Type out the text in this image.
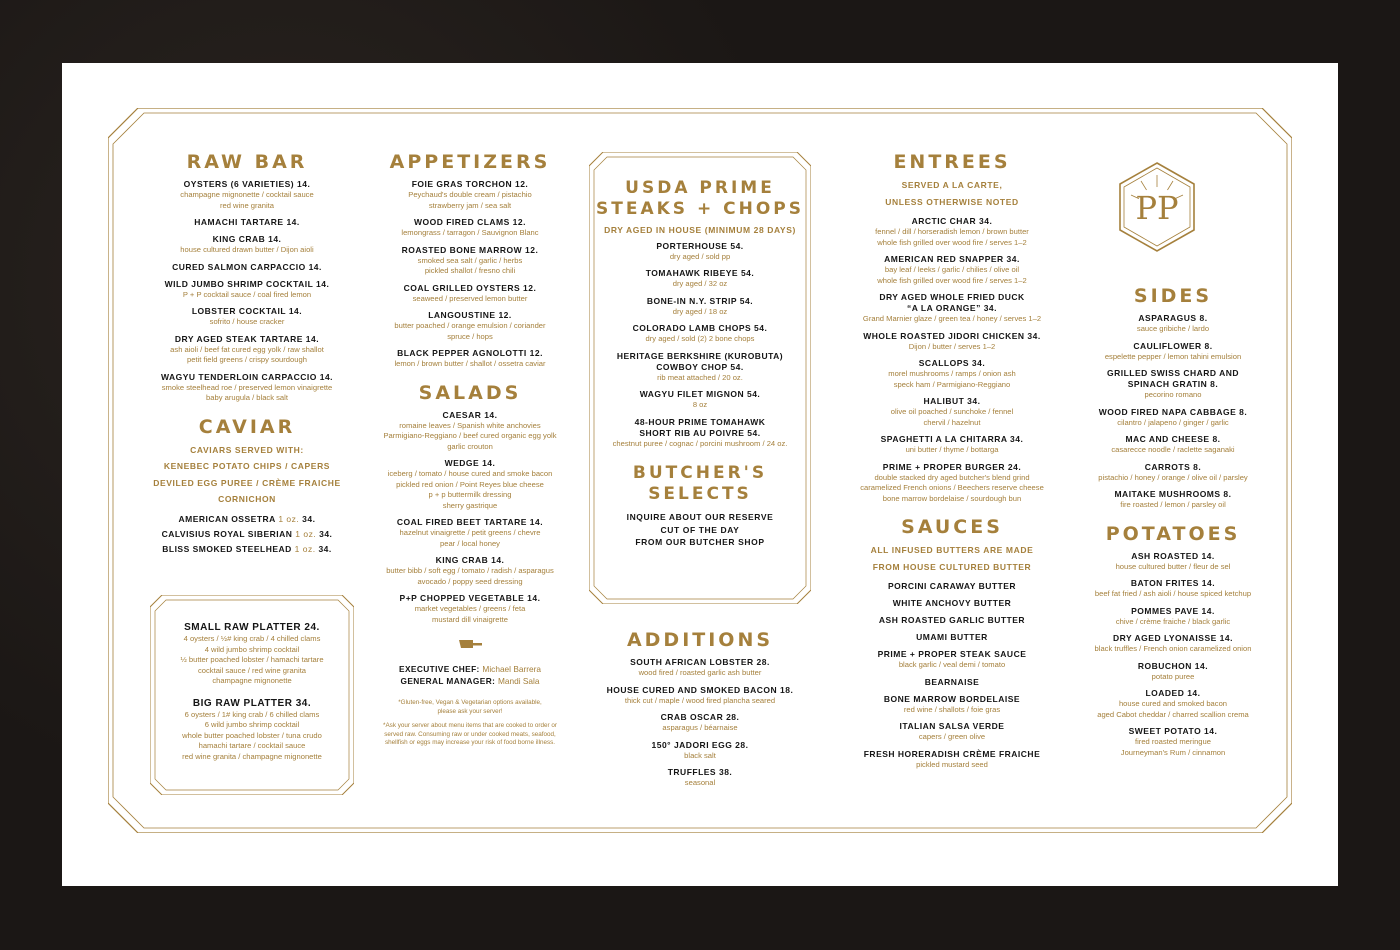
RAW BAR
OYSTERS (6 VARIETIES) 14.
champagne mignonette / cocktail sauce
red wine granita
HAMACHI TARTARE 14.
KING CRAB 14.
house cultured drawn butter / Dijon aioli
CURED SALMON CARPACCIO 14.
WILD JUMBO SHRIMP COCKTAIL 14.
P + P cocktail sauce / coal fired lemon
LOBSTER COCKTAIL 14.
sofrito / house cracker
DRY AGED STEAK TARTARE 14.
ash aioli / beef fat cured egg yolk / raw shallot
petit field greens / crispy sourdough
WAGYU TENDERLOIN CARPACCIO 14.
smoke steelhead roe / preserved lemon vinaigrette
baby arugula / black salt
CAVIAR
CAVIARS SERVED WITH:
KENEBEC POTATO CHIPS / CAPERS
DEVILED EGG PUREE / CRÈME FRAICHE
CORNICHON
AMERICAN OSSETRA 1 oz. 34.
CALVISIUS ROYAL SIBERIAN 1 oz. 34.
BLISS SMOKED STEELHEAD 1 oz. 34.
SMALL RAW PLATTER 24.
4 oysters / ½# king crab / 4 chilled clams
4 wild jumbo shrimp cocktail
½ butter poached lobster / hamachi tartare
cocktail sauce / red wine granita
champagne mignonette
BIG RAW PLATTER 34.
6 oysters / 1# king crab / 6 chilled clams
6 wild jumbo shrimp cocktail
whole butter poached lobster / tuna crudo
hamachi tartare / cocktail sauce
red wine granita / champagne mignonette
APPETIZERS
FOIE GRAS TORCHON 12.
Peychaud's double cream / pistachio
strawberry jam / sea salt
WOOD FIRED CLAMS 12.
lemongrass / tarragon / Sauvignon Blanc
ROASTED BONE MARROW 12.
smoked sea salt / garlic / herbs
pickled shallot / fresno chili
COAL GRILLED OYSTERS 12.
seaweed / preserved lemon butter
LANGOUSTINE 12.
butter poached / orange emulsion / coriander
spruce / hops
BLACK PEPPER AGNOLOTTI 12.
lemon / brown butter / shallot / ossetra caviar
SALADS
CAESAR 14.
romaine leaves / Spanish white anchovies
Parmigiano-Reggiano / beef cured organic egg yolk
garlic crouton
WEDGE 14.
iceberg / tomato / house cured and smoke bacon
pickled red onion / Point Reyes blue cheese
p + p buttermilk dressing
sherry gastrique
COAL FIRED BEET TARTARE 14.
hazelnut vinaigrette / petit greens / chevre
pear / local honey
KING CRAB 14.
butter bibb / soft egg / tomato / radish / asparagus
avocado / poppy seed dressing
P+P CHOPPED VEGETABLE 14.
market vegetables / greens / feta
mustard dill vinaigrette
EXECUTIVE CHEF: Michael Barrera
GENERAL MANAGER: Mandi Sala
*Gluten-free, Vegan & Vegetarian options available,
please ask your server!
*Ask your server about menu items that are cooked to order or
served raw. Consuming raw or under cooked meats, seafood,
shellfish or eggs may increase your risk of food borne illness.
USDA PRIME
STEAKS + CHOPS
DRY AGED IN HOUSE (MINIMUM 28 DAYS)
PORTERHOUSE 54.
dry aged / sold pp
TOMAHAWK RIBEYE 54.
dry aged / 32 oz
BONE-IN N.Y. STRIP 54.
dry aged / 18 oz
COLORADO LAMB CHOPS 54.
dry aged / sold (2) 2 bone chops
HERITAGE BERKSHIRE (KUROBUTA)
COWBOY CHOP 54.
rib meat attached / 20 oz.
WAGYU FILET MIGNON 54.
8 oz
48-HOUR PRIME TOMAHAWK
SHORT RIB AU POIVRE 54.
chestnut puree / cognac / porcini mushroom / 24 oz.
BUTCHER'S
SELECTS
INQUIRE ABOUT OUR RESERVE
CUT OF THE DAY
FROM OUR BUTCHER SHOP
ADDITIONS
SOUTH AFRICAN LOBSTER 28.
wood fired / roasted garlic ash butter
HOUSE CURED AND SMOKED BACON 18.
thick cut / maple / wood fired plancha seared
CRAB OSCAR 28.
asparagus / béarnaise
150° JADORI EGG 28.
black salt
TRUFFLES 38.
seasonal
ENTREES
SERVED A LA CARTE,
UNLESS OTHERWISE NOTED
ARCTIC CHAR 34.
fennel / dill / horseradish lemon / brown butter
whole fish grilled over wood fire / serves 1–2
AMERICAN RED SNAPPER 34.
bay leaf / leeks / garlic / chilies / olive oil
whole fish grilled over wood fire / serves 1–2
DRY AGED WHOLE FRIED DUCK
“A LA ORANGE” 34.
Grand Marnier glaze / green tea / honey / serves 1–2
WHOLE ROASTED JIDORI CHICKEN 34.
Dijon / butter / serves 1–2
SCALLOPS 34.
morel mushrooms / ramps / onion ash
speck ham / Parmigiano-Reggiano
HALIBUT 34.
olive oil poached / sunchoke / fennel
chervil / hazelnut
SPAGHETTI A LA CHITARRA 34.
uni butter / thyme / bottarga
PRIME + PROPER BURGER 24.
double stacked dry aged butcher's blend grind
caramelized French onions / Beechers reserve cheese
bone marrow bordelaise / sourdough bun
SAUCES
ALL INFUSED BUTTERS ARE MADE
FROM HOUSE CULTURED BUTTER
PORCINI CARAWAY BUTTER
WHITE ANCHOVY BUTTER
ASH ROASTED GARLIC BUTTER
UMAMI BUTTER
PRIME + PROPER STEAK SAUCE
black garlic / veal demi / tomato
BEARNAISE
BONE MARROW BORDELAISE
red wine / shallots / foie gras
ITALIAN SALSA VERDE
capers / green olive
FRESH HORERADISH CRÈME FRAICHE
pickled mustard seed
PP
SIDES
ASPARAGUS 8.
sauce gribiche / lardo
CAULIFLOWER 8.
espelette pepper / lemon tahini emulsion
GRILLED SWISS CHARD AND
SPINACH GRATIN 8.
pecorino romano
WOOD FIRED NAPA CABBAGE 8.
cilantro / jalapeno / ginger / garlic
MAC AND CHEESE 8.
casarecce noodle / raclette saganaki
CARROTS 8.
pistachio / honey / orange / olive oil / parsley
MAITAKE MUSHROOMS 8.
fire roasted / lemon / parsley oil
POTATOES
ASH ROASTED 14.
house cultured butter / fleur de sel
BATON FRITES 14.
beef fat fried / ash aioli / house spiced ketchup
POMMES PAVE 14.
chive / crème fraiche / black garlic
DRY AGED LYONAISSE 14.
black truffles / French onion caramelized onion
ROBUCHON 14.
potato puree
LOADED 14.
house cured and smoked bacon
aged Cabot cheddar / charred scallion crema
SWEET POTATO 14.
fired roasted meringue
Journeyman's Rum / cinnamon
